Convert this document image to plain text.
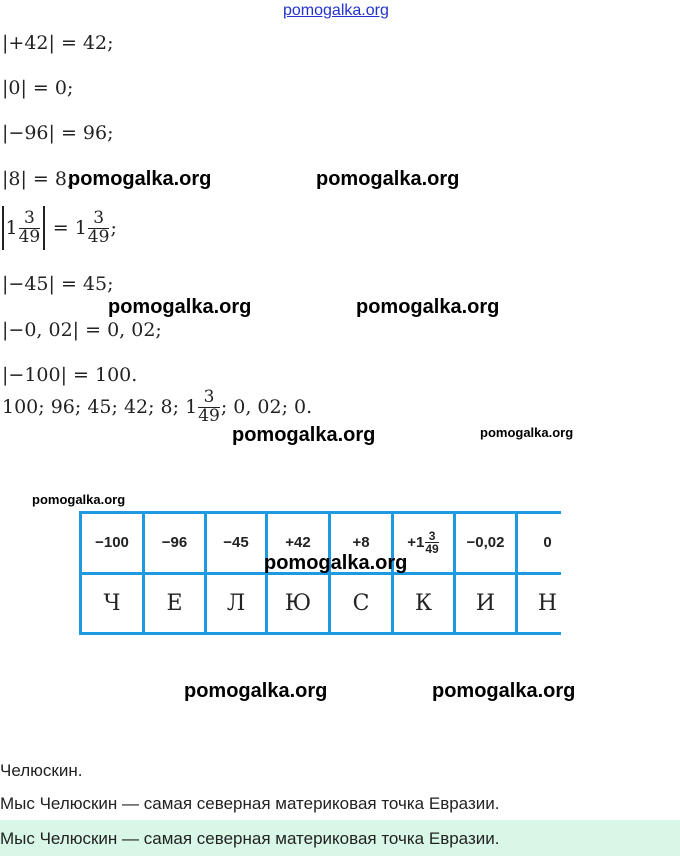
pomogalka.org
|+42| = 42;
|0| = 0;
|−96| = 96;
|8| = 8;
$1 \frac{3}{49} = 1 \frac{3}{49}$ ;
|−45| = 45;
|−0, 02| = 0, 02;
|−100| = 100.
100; 96; 45; 42; 8; $1 \frac{3}{49}$ ; 0, 02; 0.
−100	−96	−45	+42	+8	$+1 \frac{3}{49}$	−0,02	0
Ч	Е	Л	Ю	С	К	И	Н
pomogalka.org	pomogalka.org
pomogalka.org	pomogalka.org
pomogalka.org	pomogalka.org
pomogalka.org
pomogalka.org
pomogalka.org	pomogalka.org
Челюскин.
Мыс Челюскин — самая северная материковая точка Евразии.
Мыс Челюскин — самая северная материковая точка Евразии.
